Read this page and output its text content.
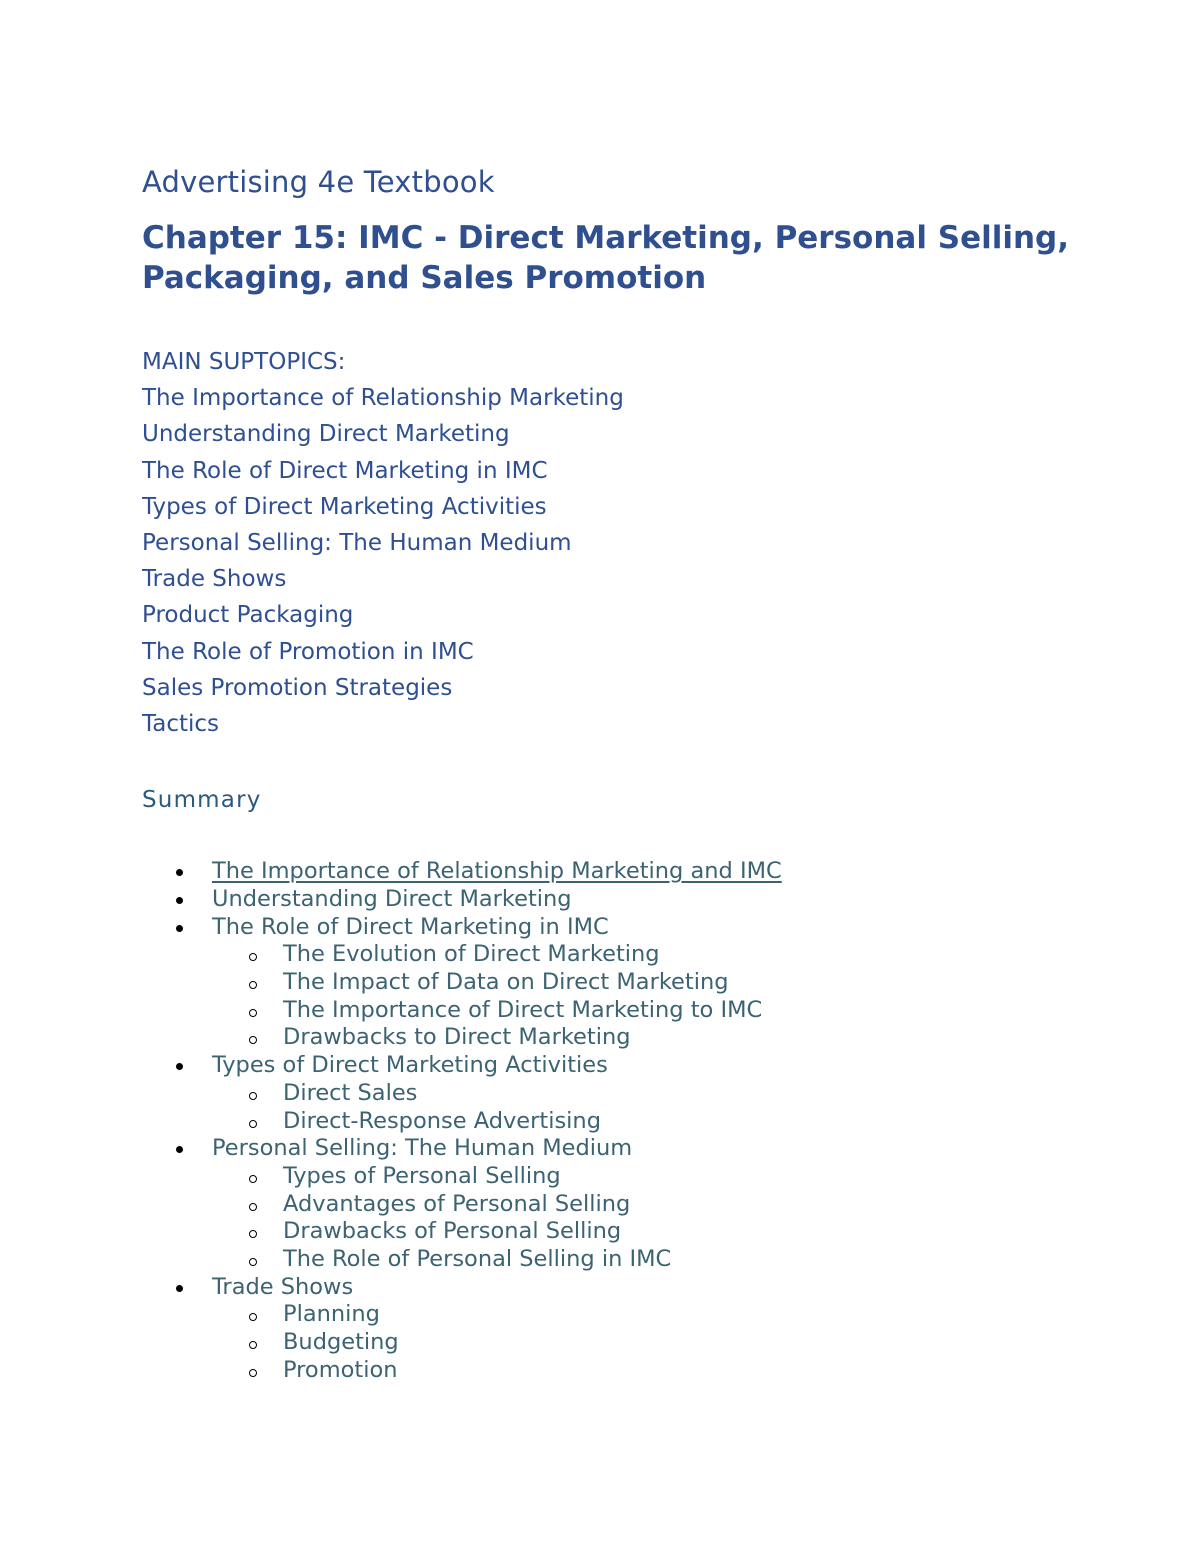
Advertising 4e Textbook
Chapter 15: IMC - Direct Marketing, Personal Selling, Packaging, and Sales Promotion

MAIN SUPTOPICS:

The Importance of Relationship Marketing

Understanding Direct Marketing

The Role of Direct Marketing in IMC

Types of Direct Marketing Activities

Personal Selling: The Human Medium

Trade Shows

Product Packaging

The Role of Promotion in IMC

Sales Promotion Strategies

Tactics

Summary

The Importance of Relationship Marketing and IMC
Understanding Direct Marketing
The Role of Direct Marketing in IMC
The Evolution of Direct Marketing
The Impact of Data on Direct Marketing
The Importance of Direct Marketing to IMC
Drawbacks to Direct Marketing
Types of Direct Marketing Activities
Direct Sales
Direct-Response Advertising
Personal Selling: The Human Medium
Types of Personal Selling
Advantages of Personal Selling
Drawbacks of Personal Selling
The Role of Personal Selling in IMC
Trade Shows
Planning
Budgeting
Promotion
